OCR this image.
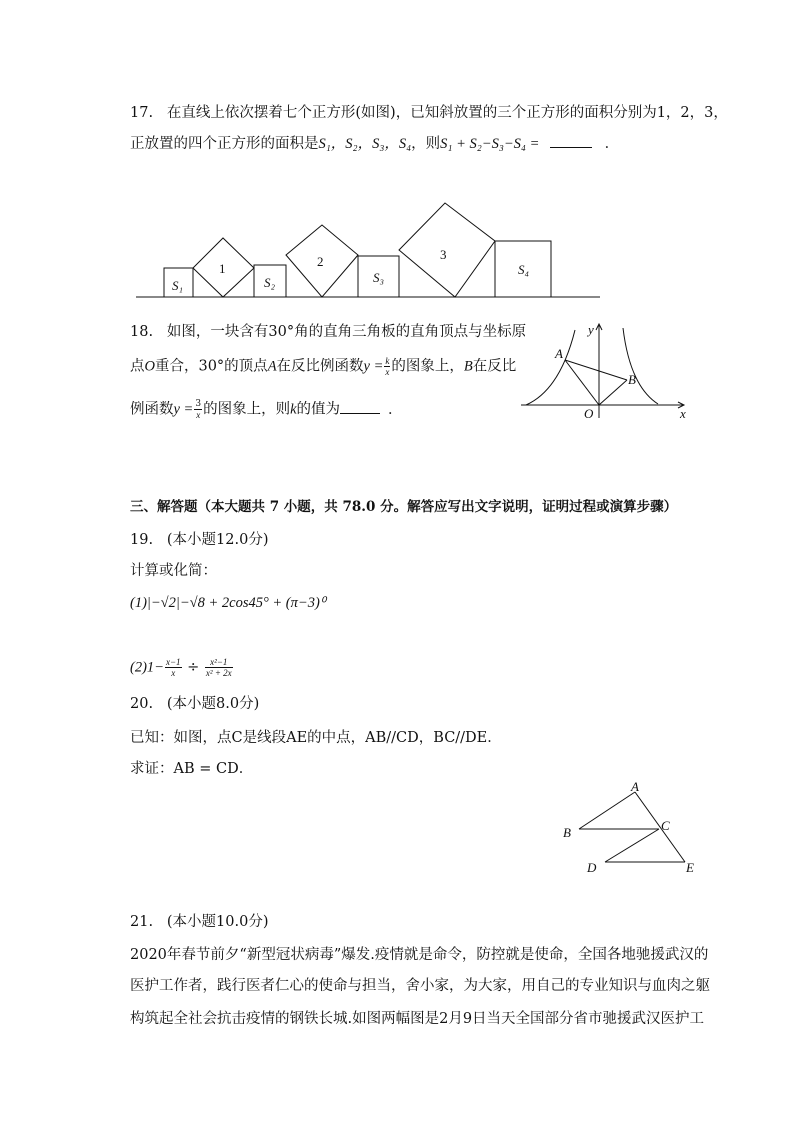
17. 在直线上依次摆着七个正方形(如图)，已知斜放置的三个正方形的面积分别为1，2，3，
正放置的四个正方形的面积是S₁，S₂，S₃，S₄，则S₁ + S₂−S₃−S₄ =	．
1	2	3
S₁	S₂	S₃
S₄
18. 如图，一块含有30°角的直角三角板的直角顶点与坐标原
点O重合，30°的顶点A在反比例函数$y = \frac{k}{x}$ 的图象上，B在反比
例函数$y = \frac{3}{x}$ 的图象上，则k的值为	．
y
A
B
O	x
三、解答题（本大题共 7 小题，共 78.0 分。解答应写出文字说明，证明过程或演算步骤）
19. (本小题12.0分)
计算或化简：
(1)|−√2|−√8 + 2cos45° + (π−3)⁰
$(2)1- \frac{x-1}{x} \div \frac{\text{x²−1}}{\text{x² + 2x}}$
20. (本小题8.0分)
已知：如图，点C是线段AE的中点，AB//CD，BC//DE．
求证：AB = CD．
A
B	C
D	E
21. (本小题10.0分)
2020年春节前夕“新型冠状病毒”爆发.疫情就是命令，防控就是使命，全国各地驰援武汉的
医护工作者，践行医者仁心的使命与担当，舍小家，为大家，用自己的专业知识与血肉之躯
构筑起全社会抗击疫情的钢铁长城.如图两幅图是2月9日当天全国部分省市驰援武汉医护工
